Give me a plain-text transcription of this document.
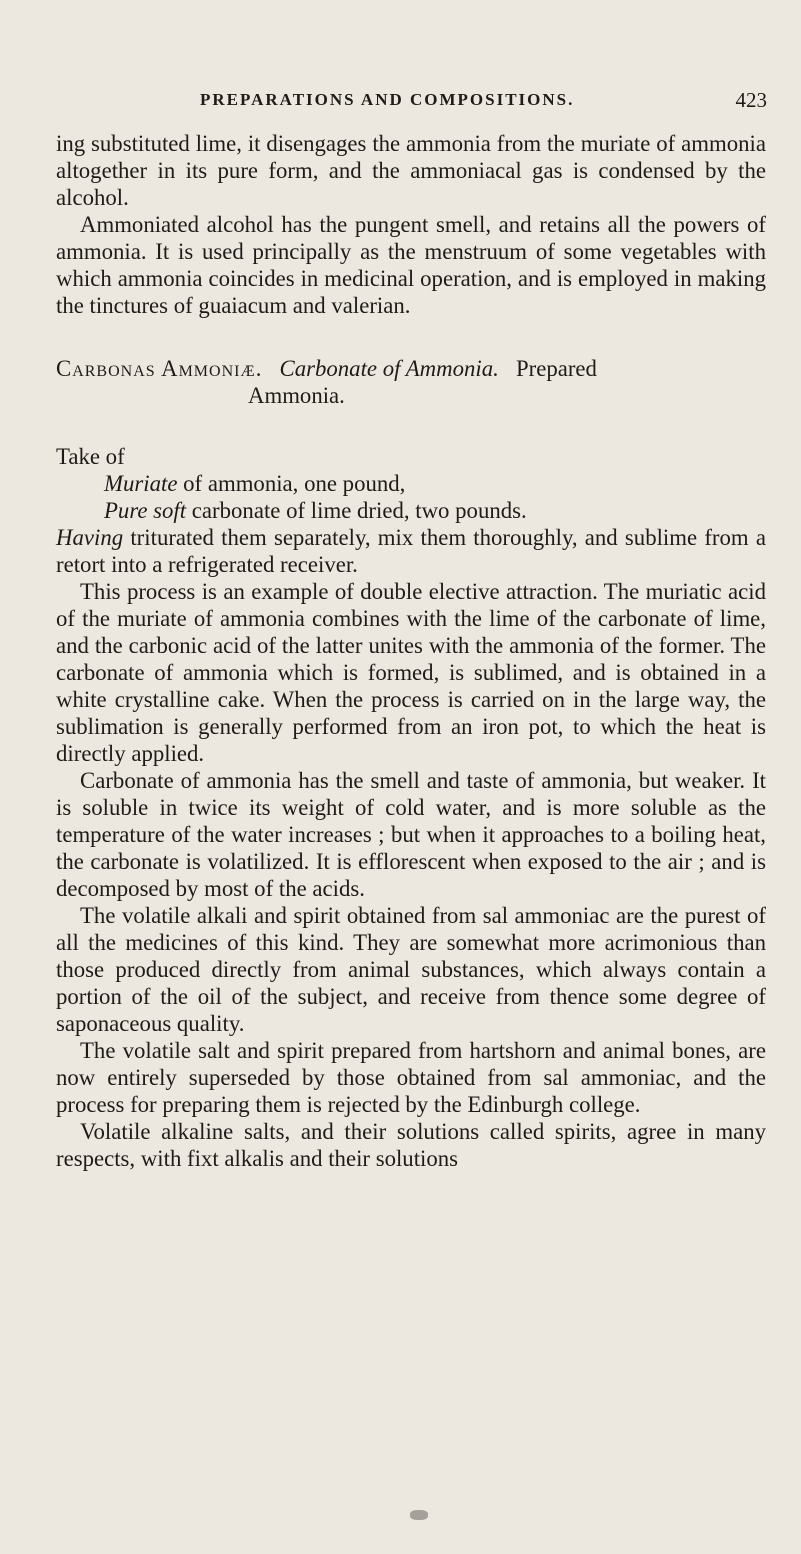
PREPARATIONS AND COMPOSITIONS.	423

ing substituted lime, it disengages the ammonia from the muriate of ammonia altogether in its pure form, and the ammoniacal gas is condensed by the alcohol.

Ammoniated alcohol has the pungent smell, and retains all the powers of ammonia. It is used principally as the menstruum of some vegetables with which ammonia coincides in medicinal operation, and is employed in making the tinctures of guaiacum and valerian.

Carbonas Ammoniæ. Carbonate of Ammonia. Prepared
Ammonia.

Take of

Muriate of ammonia, one pound,

Pure soft carbonate of lime dried, two pounds.

Having triturated them separately, mix them thoroughly, and sublime from a retort into a refrigerated receiver.

This process is an example of double elective attraction. The muriatic acid of the muriate of ammonia combines with the lime of the carbonate of lime, and the carbonic acid of the latter unites with the ammonia of the former. The carbonate of ammonia which is formed, is sublimed, and is obtained in a white crystalline cake. When the process is carried on in the large way, the sublimation is generally performed from an iron pot, to which the heat is directly applied.

Carbonate of ammonia has the smell and taste of ammonia, but weaker. It is soluble in twice its weight of cold water, and is more soluble as the temperature of the water increases ; but when it approaches to a boiling heat, the carbonate is volatilized. It is efflorescent when exposed to the air ; and is decomposed by most of the acids.

The volatile alkali and spirit obtained from sal ammoniac are the purest of all the medicines of this kind. They are somewhat more acrimonious than those produced directly from animal substances, which always contain a portion of the oil of the subject, and receive from thence some degree of saponaceous quality.

The volatile salt and spirit prepared from hartshorn and animal bones, are now entirely superseded by those obtained from sal ammoniac, and the process for preparing them is rejected by the Edinburgh college.

Volatile alkaline salts, and their solutions called spirits, agree in many respects, with fixt alkalis and their solutions
